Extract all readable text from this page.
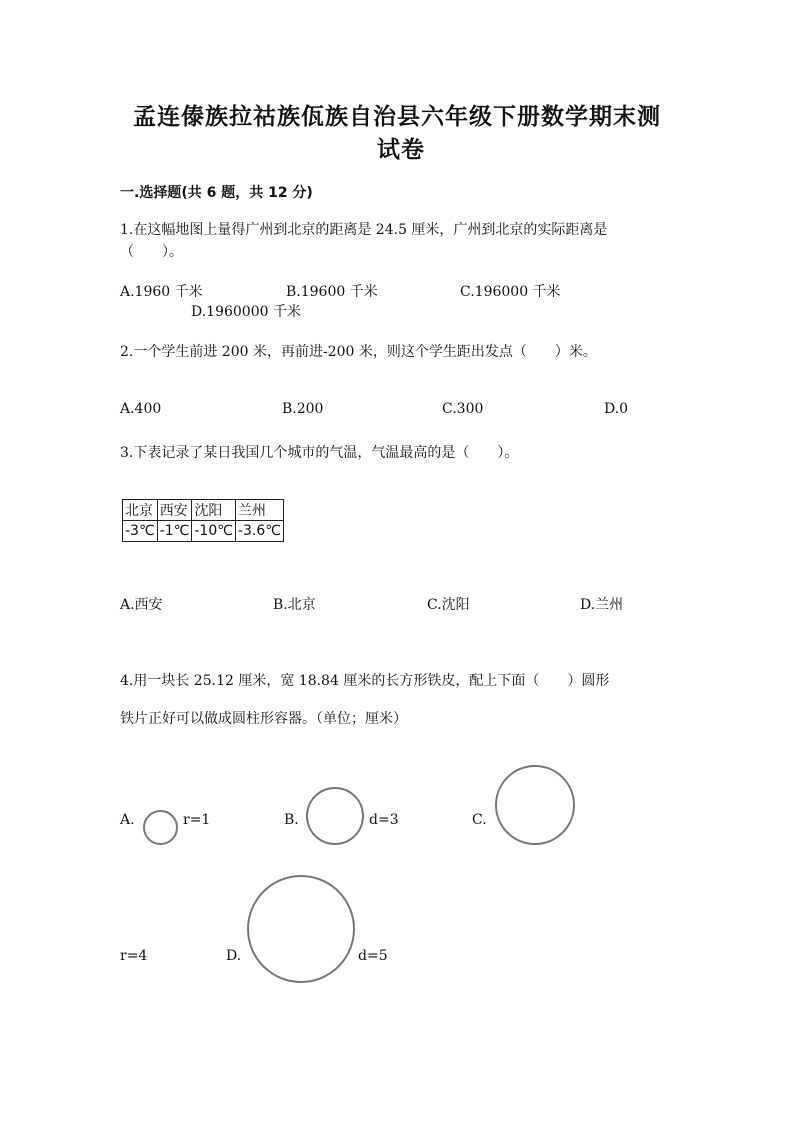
孟连傣族拉祜族佤族自治县六年级下册数学期末测
试卷
一.选择题(共 6 题，共 12 分)
1.在这幅地图上量得广州到北京的距离是 24.5 厘米，广州到北京的实际距离是
（　　）。
A.1960 千米	B.19600 千米	C.196000 千米
D.1960000 千米
2.一个学生前进 200 米，再前进-200 米，则这个学生距出发点（　　）米。
A.400	B.200	C.300	D.0
3.下表记录了某日我国几个城市的气温，气温最高的是（　　）。
北京	西安	沈阳	兰州
-3℃	-1℃	-10℃	-3.6℃
A.西安	B.北京	C.沈阳	D.兰州
4.用一块长 25.12 厘米，宽 18.84 厘米的长方形铁皮，配上下面（　　）圆形
铁片正好可以做成圆柱形容器。（单位；厘米）
A.	r=1	B.	d=3	C.
r=4	D.	d=5
